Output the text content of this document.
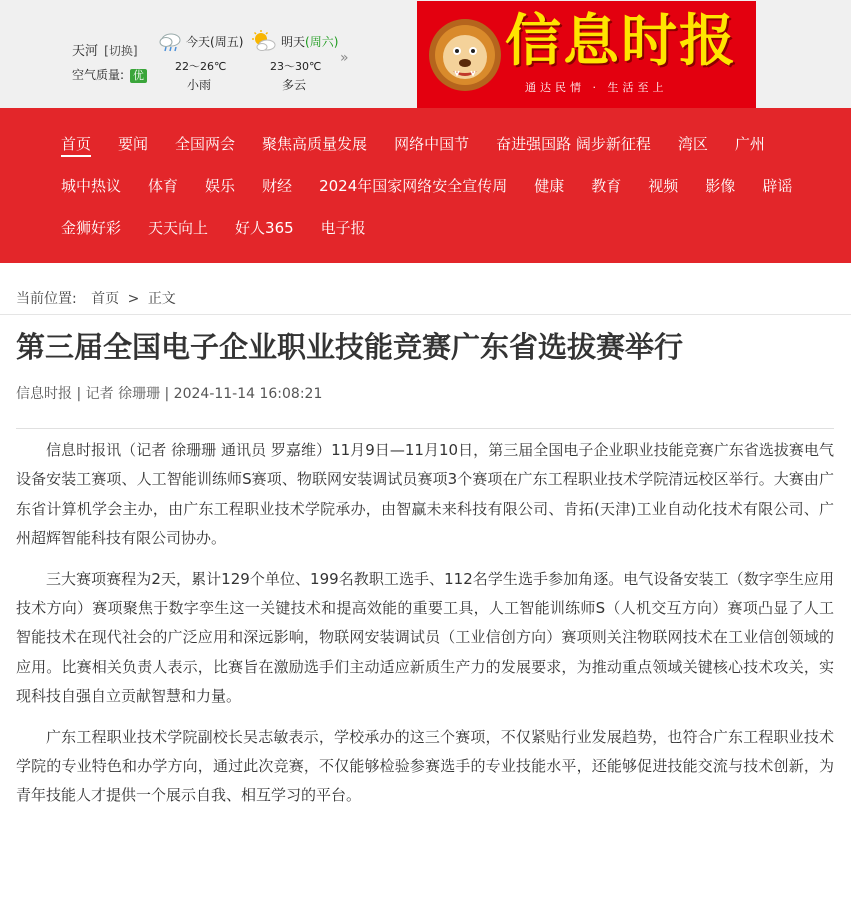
天河 [切换]
空气质量: 优
今天(周五)
22～26℃
小雨
明天(周六)
23～30℃
多云
»	信息时报
通达民情 · 生活至上
首页 要闻 全国两会 聚焦高质量发展 网络中国节 奋进强国路 阔步新征程 湾区 广州
城中热议 体育 娱乐 财经 2024年国家网络安全宣传周 健康 教育 视频 影像 辟谣
金狮好彩 天天向上 好人365 电子报
当前位置: 首页 > 正文
第三届全国电子企业职业技能竞赛广东省选拔赛举行
信息时报 | 记者 徐珊珊 | 2024-11-14 16:08:21

信息时报讯（记者 徐珊珊 通讯员 罗嘉维）11月9日—11月10日，第三届全国电子企业职业技能竞赛广东省选拔赛电气设备安装工赛项、人工智能训练师S赛项、物联网安装调试员赛项3个赛项在广东工程职业技术学院清远校区举行。大赛由广东省计算机学会主办，由广东工程职业技术学院承办，由智赢未来科技有限公司、肯拓(天津)工业自动化技术有限公司、广州超辉智能科技有限公司协办。

三大赛项赛程为2天，累计129个单位、199名教职工选手、112名学生选手参加角逐。电气设备安装工（数字孪生应用技术方向）赛项聚焦于数字孪生这一关键技术和提高效能的重要工具，人工智能训练师S（人机交互方向）赛项凸显了人工智能技术在现代社会的广泛应用和深远影响，物联网安装调试员（工业信创方向）赛项则关注物联网技术在工业信创领域的应用。比赛相关负责人表示，比赛旨在激励选手们主动适应新质生产力的发展要求，为推动重点领域关键核心技术攻关，实现科技自强自立贡献智慧和力量。

广东工程职业技术学院副校长吴志敏表示，学校承办的这三个赛项，不仅紧贴行业发展趋势，也符合广东工程职业技术学院的专业特色和办学方向，通过此次竞赛，不仅能够检验参赛选手的专业技能水平，还能够促进技能交流与技术创新，为青年技能人才提供一个展示自我、相互学习的平台。
